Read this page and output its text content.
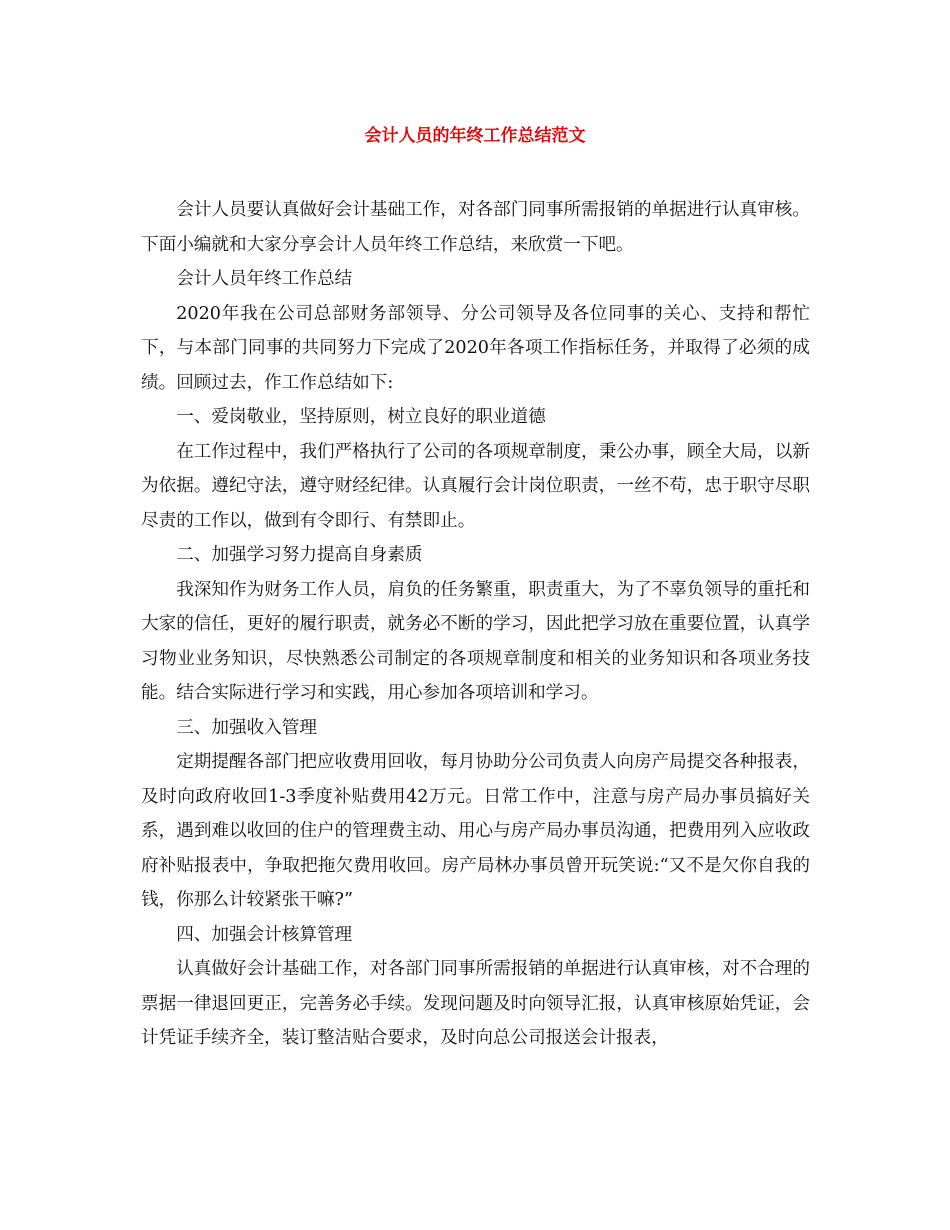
会计人员的年终工作总结范文

会计人员要认真做好会计基础工作，对各部门同事所需报销的单据进行认真审核。下面小编就和大家分享会计人员年终工作总结，来欣赏一下吧。

会计人员年终工作总结

2020年我在公司总部财务部领导、分公司领导及各位同事的关心、支持和帮忙下，与本部门同事的共同努力下完成了2020年各项工作指标任务，并取得了必须的成绩。回顾过去，作工作总结如下:

一、爱岗敬业，坚持原则，树立良好的职业道德

在工作过程中，我们严格执行了公司的各项规章制度，秉公办事，顾全大局，以新为依据。遵纪守法，遵守财经纪律。认真履行会计岗位职责，一丝不苟，忠于职守尽职尽责的工作以，做到有令即行、有禁即止。

二、加强学习努力提高自身素质

我深知作为财务工作人员，肩负的任务繁重，职责重大，为了不辜负领导的重托和大家的信任，更好的履行职责，就务必不断的学习，因此把学习放在重要位置，认真学习物业业务知识，尽快熟悉公司制定的各项规章制度和相关的业务知识和各项业务技能。结合实际进行学习和实践，用心参加各项培训和学习。

三、加强收入管理

定期提醒各部门把应收费用回收，每月协助分公司负责人向房产局提交各种报表，及时向政府收回1-3季度补贴费用42万元。日常工作中，注意与房产局办事员搞好关系，遇到难以收回的住户的管理费主动、用心与房产局办事员沟通，把费用列入应收政府补贴报表中，争取把拖欠费用收回。房产局林办事员曾开玩笑说:“又不是欠你自我的钱，你那么计较紧张干嘛?”

四、加强会计核算管理

认真做好会计基础工作，对各部门同事所需报销的单据进行认真审核，对不合理的票据一律退回更正，完善务必手续。发现问题及时向领导汇报，认真审核原始凭证，会计凭证手续齐全，装订整洁贴合要求，及时向总公司报送会计报表，
